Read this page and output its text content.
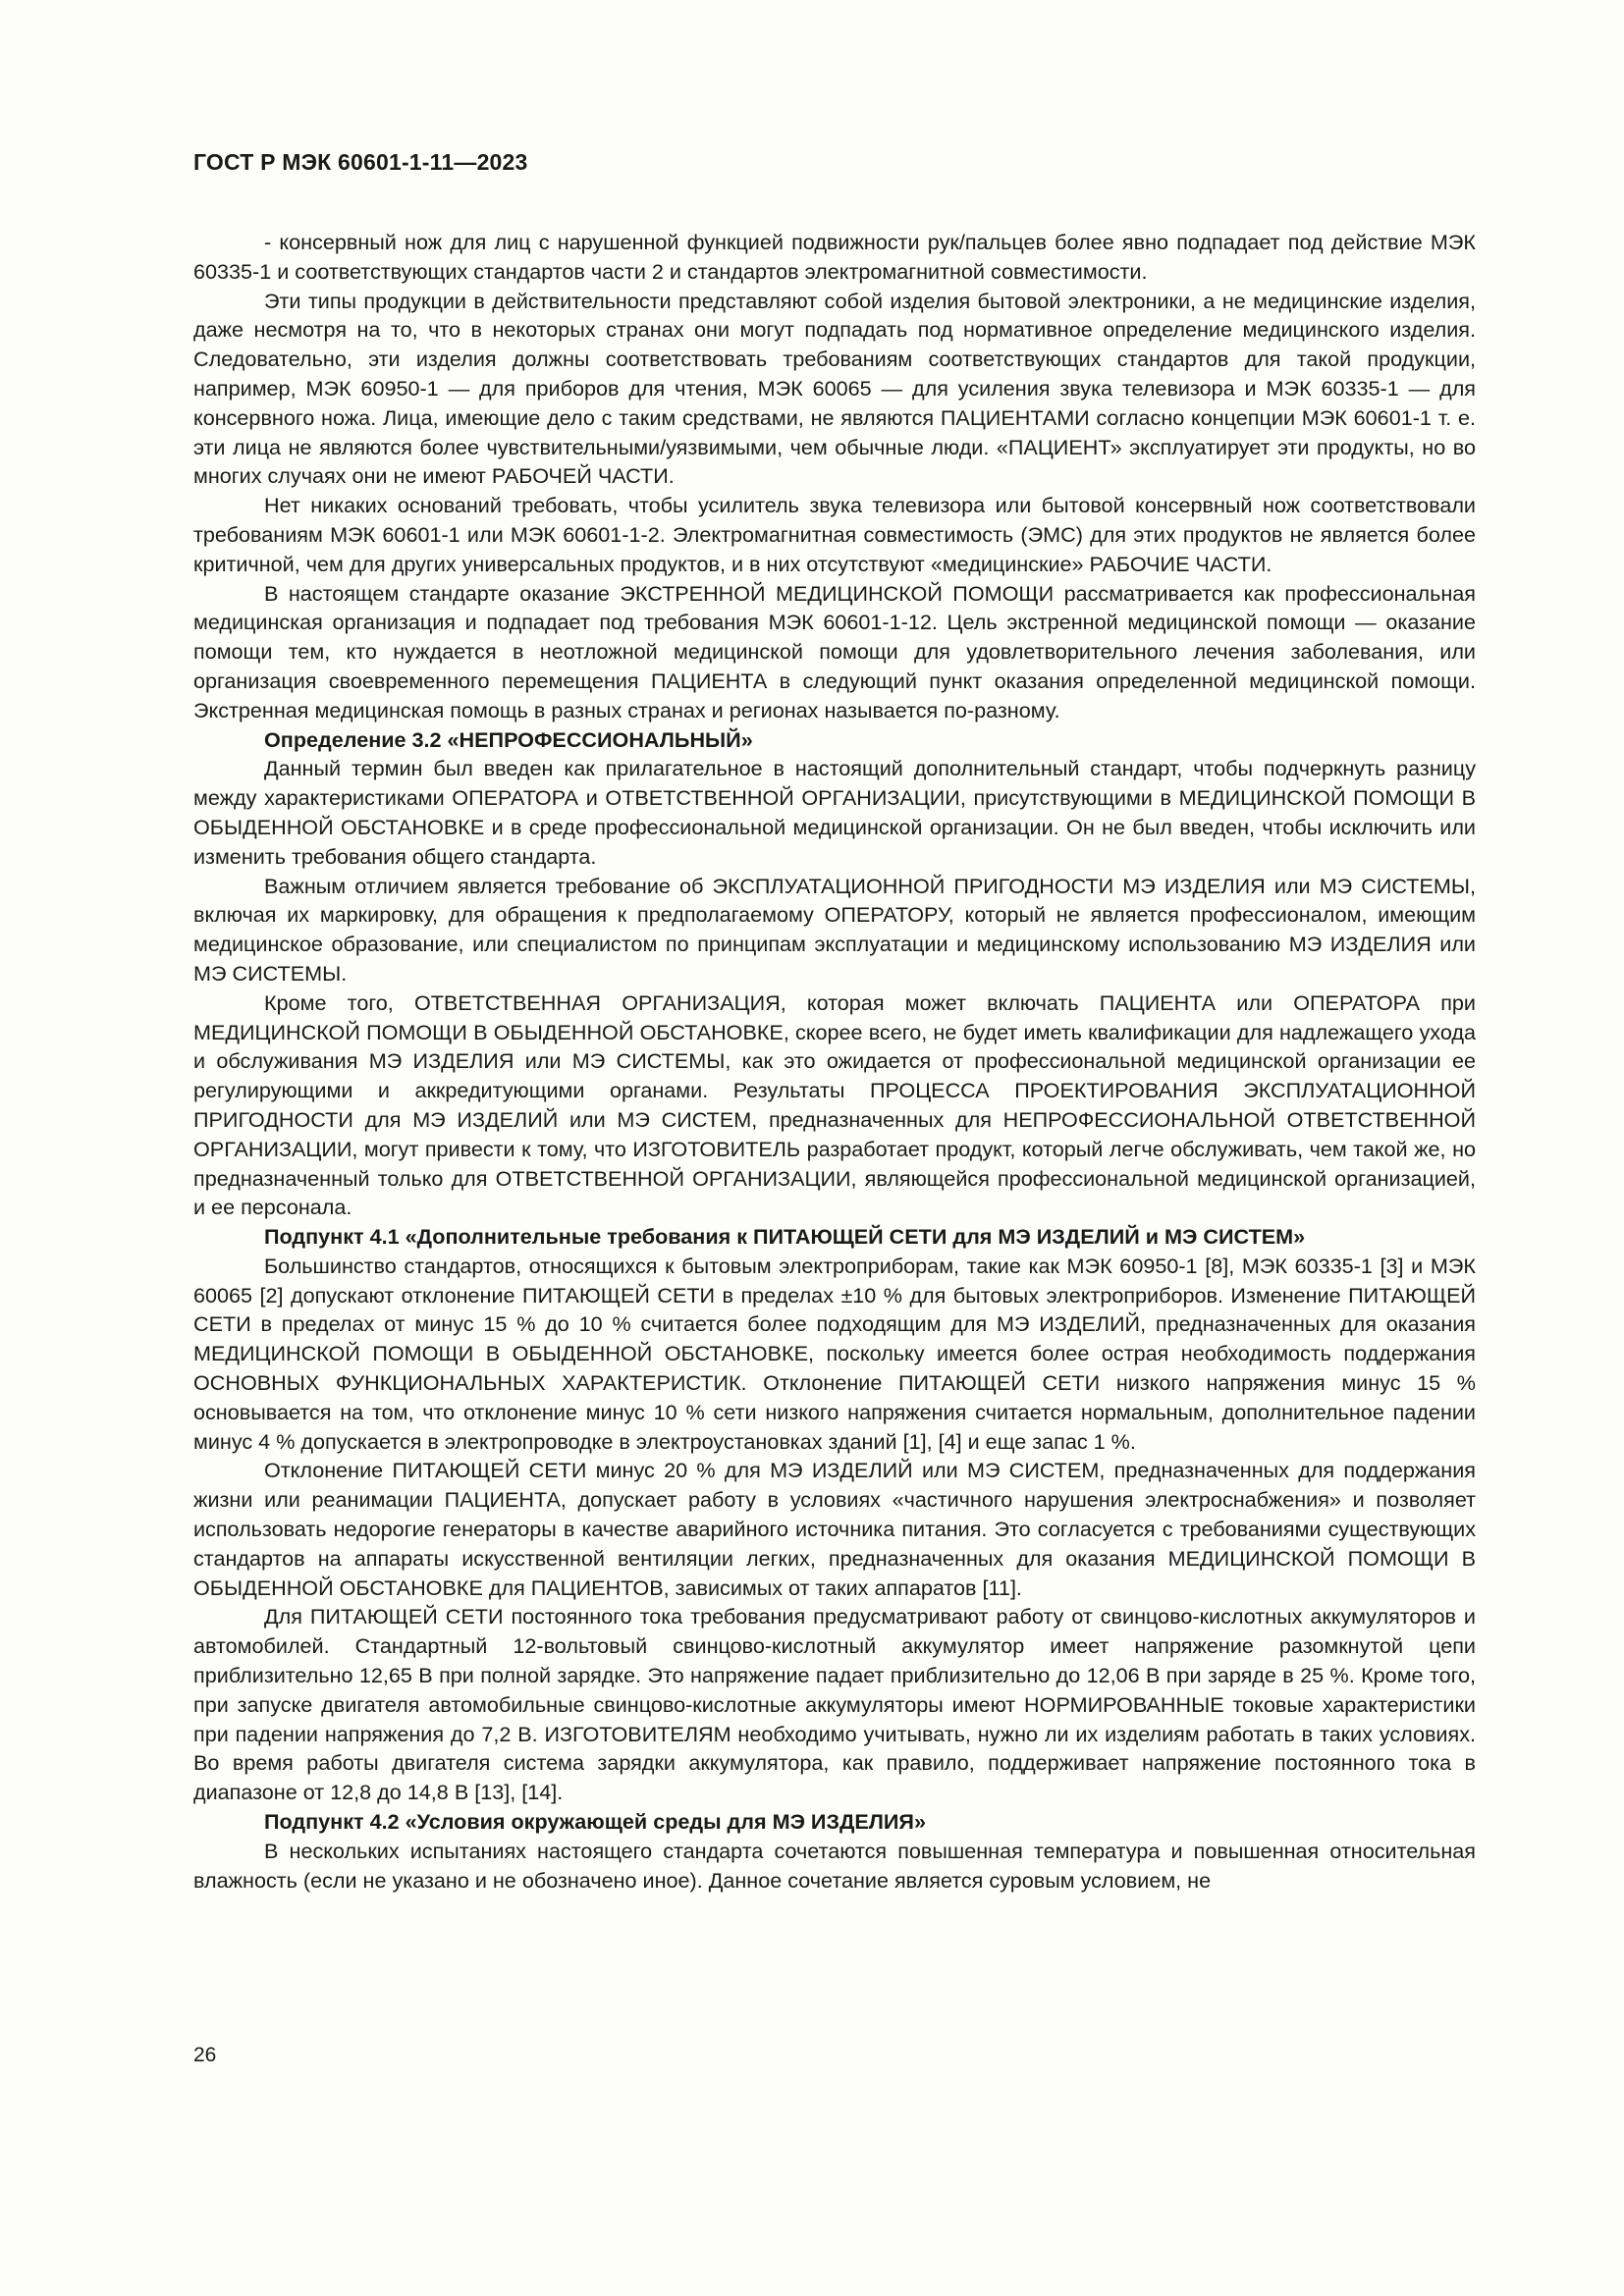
ГОСТ Р МЭК 60601-1-11—2023

- консервный нож для лиц с нарушенной функцией подвижности рук/пальцев более явно подпадает под действие МЭК 60335-1 и соответствующих стандартов части 2 и стандартов электромагнитной совместимости.

Эти типы продукции в действительности представляют собой изделия бытовой электроники, а не медицинские изделия, даже несмотря на то, что в некоторых странах они могут подпадать под нормативное определение медицинского изделия. Следовательно, эти изделия должны соответствовать требованиям соответствующих стандартов для такой продукции, например, МЭК 60950-1 — для приборов для чтения, МЭК 60065 — для усиления звука телевизора и МЭК 60335-1 — для консервного ножа. Лица, имеющие дело с таким средствами, не являются ПАЦИЕНТАМИ согласно концепции МЭК 60601-1 т. е. эти лица не являются более чувствительными/уязвимыми, чем обычные люди. «ПАЦИЕНТ» эксплуатирует эти продукты, но во многих случаях они не имеют РАБОЧЕЙ ЧАСТИ.

Нет никаких оснований требовать, чтобы усилитель звука телевизора или бытовой консервный нож соответствовали требованиям МЭК 60601-1 или МЭК 60601-1-2. Электромагнитная совместимость (ЭМС) для этих продуктов не является более критичной, чем для других универсальных продуктов, и в них отсутствуют «медицинские» РАБОЧИЕ ЧАСТИ.

В настоящем стандарте оказание ЭКСТРЕННОЙ МЕДИЦИНСКОЙ ПОМОЩИ рассматривается как профессиональная медицинская организация и подпадает под требования МЭК 60601-1-12. Цель экстренной медицинской помощи — оказание помощи тем, кто нуждается в неотложной медицинской помощи для удовлетворительного лечения заболевания, или организация своевременного перемещения ПАЦИЕНТА в следующий пункт оказания определенной медицинской помощи. Экстренная медицинская помощь в разных странах и регионах называется по-разному.

Определение 3.2 «НЕПРОФЕССИОНАЛЬНЫЙ»

Данный термин был введен как прилагательное в настоящий дополнительный стандарт, чтобы подчеркнуть разницу между характеристиками ОПЕРАТОРА и ОТВЕТСТВЕННОЙ ОРГАНИЗАЦИИ, присутствующими в МЕДИЦИНСКОЙ ПОМОЩИ В ОБЫДЕННОЙ ОБСТАНОВКЕ и в среде профессиональной медицинской организации. Он не был введен, чтобы исключить или изменить требования общего стандарта.

Важным отличием является требование об ЭКСПЛУАТАЦИОННОЙ ПРИГОДНОСТИ МЭ ИЗДЕЛИЯ или МЭ СИСТЕМЫ, включая их маркировку, для обращения к предполагаемому ОПЕРАТОРУ, который не является профессионалом, имеющим медицинское образование, или специалистом по принципам эксплуатации и медицинскому использованию МЭ ИЗДЕЛИЯ или МЭ СИСТЕМЫ.

Кроме того, ОТВЕТСТВЕННАЯ ОРГАНИЗАЦИЯ, которая может включать ПАЦИЕНТА или ОПЕРАТОРА при МЕДИЦИНСКОЙ ПОМОЩИ В ОБЫДЕННОЙ ОБСТАНОВКЕ, скорее всего, не будет иметь квалификации для надлежащего ухода и обслуживания МЭ ИЗДЕЛИЯ или МЭ СИСТЕМЫ, как это ожидается от профессиональной медицинской организации ее регулирующими и аккредитующими органами. Результаты ПРОЦЕССА ПРОЕКТИРОВАНИЯ ЭКСПЛУАТАЦИОННОЙ ПРИГОДНОСТИ для МЭ ИЗДЕЛИЙ или МЭ СИСТЕМ, предназначенных для НЕПРОФЕССИОНАЛЬНОЙ ОТВЕТСТВЕННОЙ ОРГАНИЗАЦИИ, могут привести к тому, что ИЗГОТОВИТЕЛЬ разработает продукт, который легче обслуживать, чем такой же, но предназначенный только для ОТВЕТСТВЕННОЙ ОРГАНИЗАЦИИ, являющейся профессиональной медицинской организацией, и ее персонала.

Подпункт 4.1 «Дополнительные требования к ПИТАЮЩЕЙ СЕТИ для МЭ ИЗДЕЛИЙ и МЭ СИСТЕМ»

Большинство стандартов, относящихся к бытовым электроприборам, такие как МЭК 60950-1 [8], МЭК 60335-1 [3] и МЭК 60065 [2] допускают отклонение ПИТАЮЩЕЙ СЕТИ в пределах ±10 % для бытовых электроприборов. Изменение ПИТАЮЩЕЙ СЕТИ в пределах от минус 15 % до 10 % считается более подходящим для МЭ ИЗДЕЛИЙ, предназначенных для оказания МЕДИЦИНСКОЙ ПОМОЩИ В ОБЫДЕННОЙ ОБСТАНОВКЕ, поскольку имеется более острая необходимость поддержания ОСНОВНЫХ ФУНКЦИОНАЛЬНЫХ ХАРАКТЕРИСТИК. Отклонение ПИТАЮЩЕЙ СЕТИ низкого напряжения минус 15 % основывается на том, что отклонение минус 10 % сети низкого напряжения считается нормальным, дополнительное падении минус 4 % допускается в электропроводке в электроустановках зданий [1], [4] и еще запас 1 %.

Отклонение ПИТАЮЩЕЙ СЕТИ минус 20 % для МЭ ИЗДЕЛИЙ или МЭ СИСТЕМ, предназначенных для поддержания жизни или реанимации ПАЦИЕНТА, допускает работу в условиях «частичного нарушения электроснабжения» и позволяет использовать недорогие генераторы в качестве аварийного источника питания. Это согласуется с требованиями существующих стандартов на аппараты искусственной вентиляции легких, предназначенных для оказания МЕДИЦИНСКОЙ ПОМОЩИ В ОБЫДЕННОЙ ОБСТАНОВКЕ для ПАЦИЕНТОВ, зависимых от таких аппаратов [11].

Для ПИТАЮЩЕЙ СЕТИ постоянного тока требования предусматривают работу от свинцово-кислотных аккумуляторов и автомобилей. Стандартный 12-вольтовый свинцово-кислотный аккумулятор имеет напряжение разомкнутой цепи приблизительно 12,65 В при полной зарядке. Это напряжение падает приблизительно до 12,06 В при заряде в 25 %. Кроме того, при запуске двигателя автомобильные свинцово-кислотные аккумуляторы имеют НОРМИРОВАННЫЕ токовые характеристики при падении напряжения до 7,2 В. ИЗГОТОВИТЕЛЯМ необходимо учитывать, нужно ли их изделиям работать в таких условиях. Во время работы двигателя система зарядки аккумулятора, как правило, поддерживает напряжение постоянного тока в диапазоне от 12,8 до 14,8 В [13], [14].

Подпункт 4.2 «Условия окружающей среды для МЭ ИЗДЕЛИЯ»

В нескольких испытаниях настоящего стандарта сочетаются повышенная температура и повышенная относительная влажность (если не указано и не обозначено иное). Данное сочетание является суровым условием, не

26
